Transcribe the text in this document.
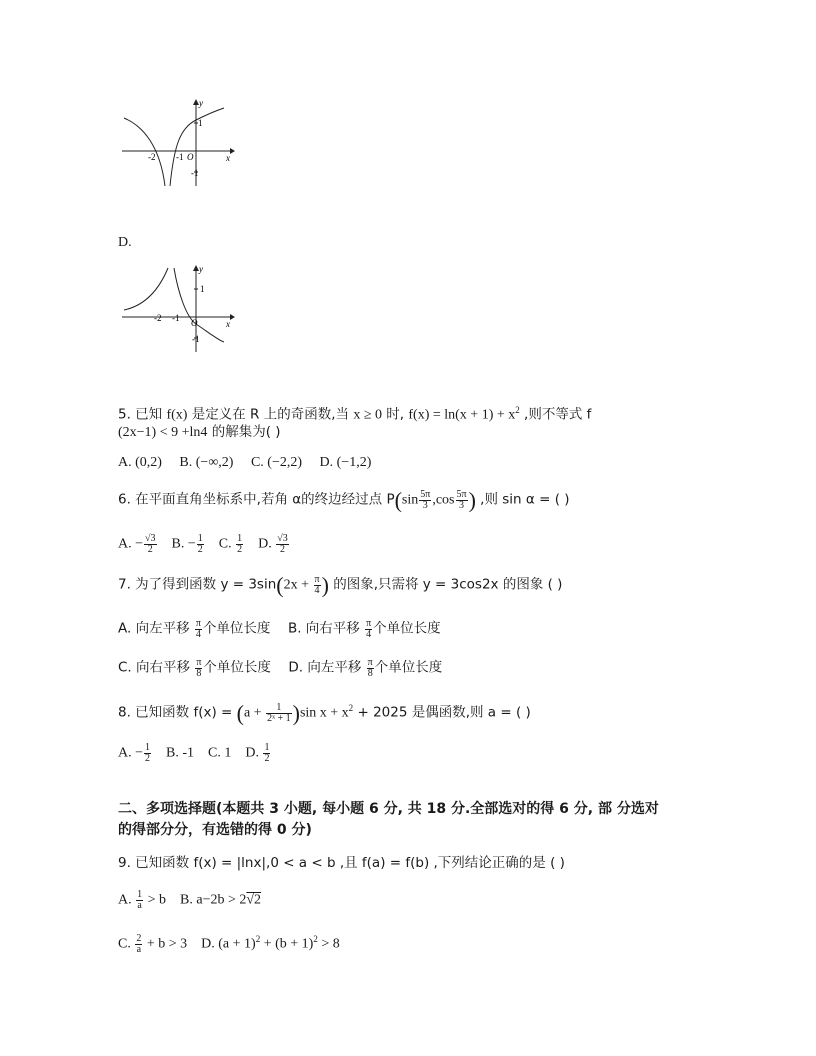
y
x
O
1
-1
-2 -1
D.
y
x
O
1
-1
-2 -1
5. 已知 f(x) 是定义在 R 上的奇函数,当 x ≥ 0 时, $f(x) = \ln(x + 1) + x^2$ ,则不等式 f
(2x−1) < 9 +ln4 的解集为( )
A. (0,2)     B. (−∞,2)     C. (−2,2)     D. (−1,2)
6. 在平面直角坐标系中,若角 α的终边经过点 $P(\sin \frac{5\pi}{3} ,\cos \frac{5\pi}{3}$ ) ,则 sin α = ( )
A. − $\frac{√3}{2} B$. − $\frac{1}{2} C$. $\frac{1}{2} D$. $\frac{√3}{2}$
7. 为了得到函数 $y = 3\sin(2x + \frac{\pi}{4}$ ) 的图象,只需将 y = 3cos2x 的图象 ( )
A. 向左平移 $\frac{\pi}{4}$ 个单位长度 B. 向右平移 $\frac{\pi}{4}$ 个单位长度
C. 向右平移 $\frac{\pi}{8}$ 个单位长度 D. 向左平移 $\frac{\pi}{8}$ 个单位长度
8. 已知函数 $f(x) = (a + \frac{1}{\text{2ˣ + 1}} )\sin$ $x + x^2 + 2025$ 是偶函数,则 a = ( )
A. − $\frac{1}{2} B$. -1 C. 1 D. $\frac{1}{2}$
二、多项选择题(本题共 3 小题, 每小题 6 分, 共 18 分.全部选对的得 6 分, 部 分选对
的得部分分，有选错的得 0 分)
9. 已知函数 f(x) = |lnx|,0 < a < b ,且 f(a) = f(b) ,下列结论正确的是 ( )
A. $\frac{1}{a} > b$ B. a−2b > 2√2
C. $\frac{2}{a} + b > 3$ D. $(a + 1)^2 + (b + 1)^2 > 8$
